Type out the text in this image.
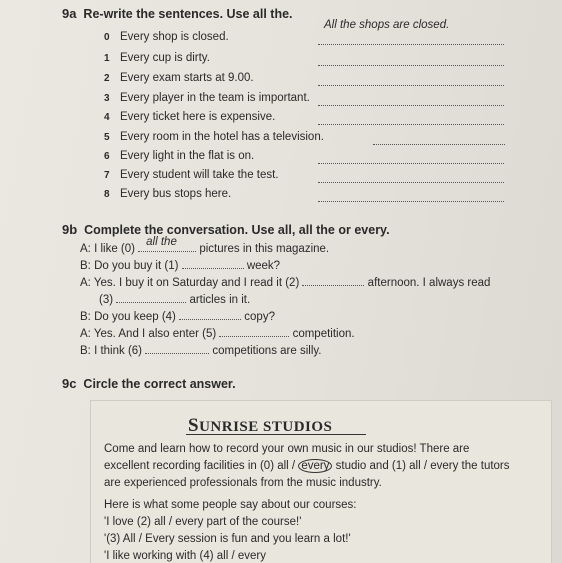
9a Re-write the sentences. Use all the.
0 Every shop is closed.
1 Every cup is dirty.
2 Every exam starts at 9.00.
3 Every player in the team is important.
4 Every ticket here is expensive.
5 Every room in the hotel has a television.
6 Every light in the flat is on.
7 Every student will take the test.
8 Every bus stops here.
All the shops are closed.
9b Complete the conversation. Use all, all the or every.
A: I like (0)
all the
pictures in this magazine.
B: Do you buy it (1)	week?
A: Yes. I buy it on Saturday and I read it (2)	afternoon. I always read
(3)	articles in it.
B: Do you keep (4)	copy?
A: Yes. And I also enter (5)	competition.
B: I think (6)	competitions are silly.
9c Circle the correct answer.
SUNRISE STUDIOS
Come and learn how to record your own music in our studios! There are
excellent recording facilities in (0) all / every studio and (1) all / every the tutors
are experienced professionals from the music industry.
Here is what some people say about our courses:
'I love (2) all / every part of the course!'
'(3) All / Every session is fun and you learn a lot!'
'I like working with (4) all / every
